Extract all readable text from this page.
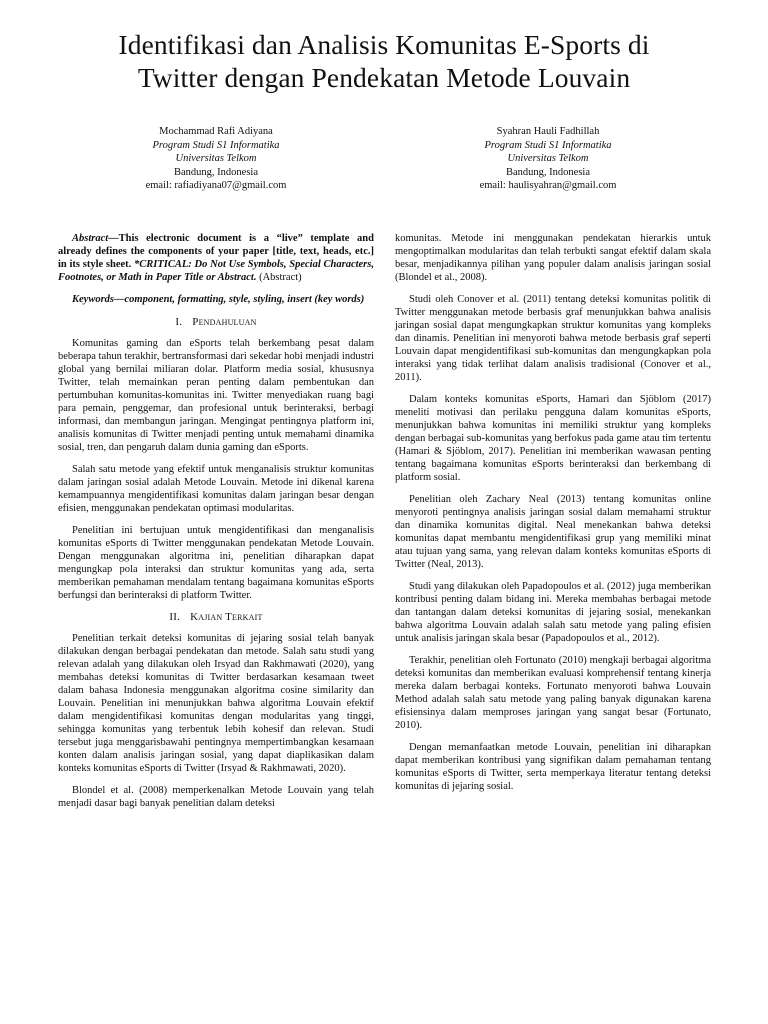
Identifikasi dan Analisis Komunitas E-Sports di
Twitter dengan Pendekatan Metode Louvain
Mochammad Rafi Adiyana
Program Studi S1 Informatika
Universitas Telkom
Bandung, Indonesia
email: rafiadiyana07@gmail.com
Syahran Hauli Fadhillah
Program Studi S1 Informatika
Universitas Telkom
Bandung, Indonesia
email: haulisyahran@gmail.com

Abstract—This electronic document is a “live” template and already defines the components of your paper [title, text, heads, etc.] in its style sheet. *CRITICAL: Do Not Use Symbols, Special Characters, Footnotes, or Math in Paper Title or Abstract. (Abstract)

Keywords—component, formatting, style, styling, insert (key words)

I. Pendahuluan

Komunitas gaming dan eSports telah berkembang pesat dalam beberapa tahun terakhir, bertransformasi dari sekedar hobi menjadi industri global yang bernilai miliaran dolar. Platform media sosial, khususnya Twitter, telah memainkan peran penting dalam pembentukan dan pertumbuhan komunitas-komunitas ini. Twitter menyediakan ruang bagi para pemain, penggemar, dan profesional untuk berinteraksi, berbagi informasi, dan membangun jaringan. Mengingat pentingnya platform ini, analisis komunitas di Twitter menjadi penting untuk memahami dinamika sosial, tren, dan pengaruh dalam dunia gaming dan eSports.

Salah satu metode yang efektif untuk menganalisis struktur komunitas dalam jaringan sosial adalah Metode Louvain. Metode ini dikenal karena kemampuannya mengidentifikasi komunitas dalam jaringan besar dengan efisien, menggunakan pendekatan optimasi modularitas.

Penelitian ini bertujuan untuk mengidentifikasi dan menganalisis komunitas eSports di Twitter menggunakan pendekatan Metode Louvain. Dengan menggunakan algoritma ini, penelitian diharapkan dapat mengungkap pola interaksi dan struktur komunitas yang ada, serta memberikan pemahaman mendalam tentang bagaimana komunitas eSports berfungsi dan berinteraksi di platform Twitter.

II. Kajian Terkait

Penelitian terkait deteksi komunitas di jejaring sosial telah banyak dilakukan dengan berbagai pendekatan dan metode. Salah satu studi yang relevan adalah yang dilakukan oleh Irsyad dan Rakhmawati (2020), yang membahas deteksi komunitas di Twitter berdasarkan kesamaan tweet dalam bahasa Indonesia menggunakan algoritma cosine similarity dan Louvain. Penelitian ini menunjukkan bahwa algoritma Louvain efektif dalam mengidentifikasi komunitas dengan modularitas yang tinggi, sehingga komunitas yang terbentuk lebih kohesif dan relevan. Studi tersebut juga menggarisbawahi pentingnya mempertimbangkan kesamaan konten dalam analisis jaringan sosial, yang dapat diaplikasikan dalam konteks komunitas eSports di Twitter (Irsyad & Rakhmawati, 2020).

Blondel et al. (2008) memperkenalkan Metode Louvain yang telah menjadi dasar bagi banyak penelitian dalam deteksi

komunitas. Metode ini menggunakan pendekatan hierarkis untuk mengoptimalkan modularitas dan telah terbukti sangat efektif dalam skala besar, menjadikannya pilihan yang populer dalam analisis jaringan sosial (Blondel et al., 2008).

Studi oleh Conover et al. (2011) tentang deteksi komunitas politik di Twitter menggunakan metode berbasis graf menunjukkan bahwa analisis jaringan sosial dapat mengungkapkan struktur komunitas yang kompleks dan dinamis. Penelitian ini menyoroti bahwa metode berbasis graf seperti Louvain dapat mengidentifikasi sub-komunitas dan mengungkapkan pola interaksi yang tidak terlihat dalam analisis tradisional (Conover et al., 2011).

Dalam konteks komunitas eSports, Hamari dan Sjöblom (2017) meneliti motivasi dan perilaku pengguna dalam komunitas eSports, menunjukkan bahwa komunitas ini memiliki struktur yang kompleks dengan berbagai sub-komunitas yang berfokus pada game atau tim tertentu (Hamari & Sjöblom, 2017). Penelitian ini memberikan wawasan penting tentang bagaimana komunitas eSports berinteraksi dan berkembang di platform sosial.

Penelitian oleh Zachary Neal (2013) tentang komunitas online menyoroti pentingnya analisis jaringan sosial dalam memahami struktur dan dinamika komunitas digital. Neal menekankan bahwa deteksi komunitas dapat membantu mengidentifikasi grup yang memiliki minat atau tujuan yang sama, yang relevan dalam konteks komunitas eSports di Twitter (Neal, 2013).

Studi yang dilakukan oleh Papadopoulos et al. (2012) juga memberikan kontribusi penting dalam bidang ini. Mereka membahas berbagai metode dan tantangan dalam deteksi komunitas di jejaring sosial, menekankan bahwa algoritma Louvain adalah salah satu metode yang paling efisien untuk analisis jaringan skala besar (Papadopoulos et al., 2012).

Terakhir, penelitian oleh Fortunato (2010) mengkaji berbagai algoritma deteksi komunitas dan memberikan evaluasi komprehensif tentang kinerja mereka dalam berbagai konteks. Fortunato menyoroti bahwa Louvain Method adalah salah satu metode yang paling banyak digunakan karena efisiensinya dalam memproses jaringan yang sangat besar (Fortunato, 2010).

Dengan memanfaatkan metode Louvain, penelitian ini diharapkan dapat memberikan kontribusi yang signifikan dalam pemahaman tentang komunitas eSports di Twitter, serta memperkaya literatur tentang deteksi komunitas di jejaring sosial.
